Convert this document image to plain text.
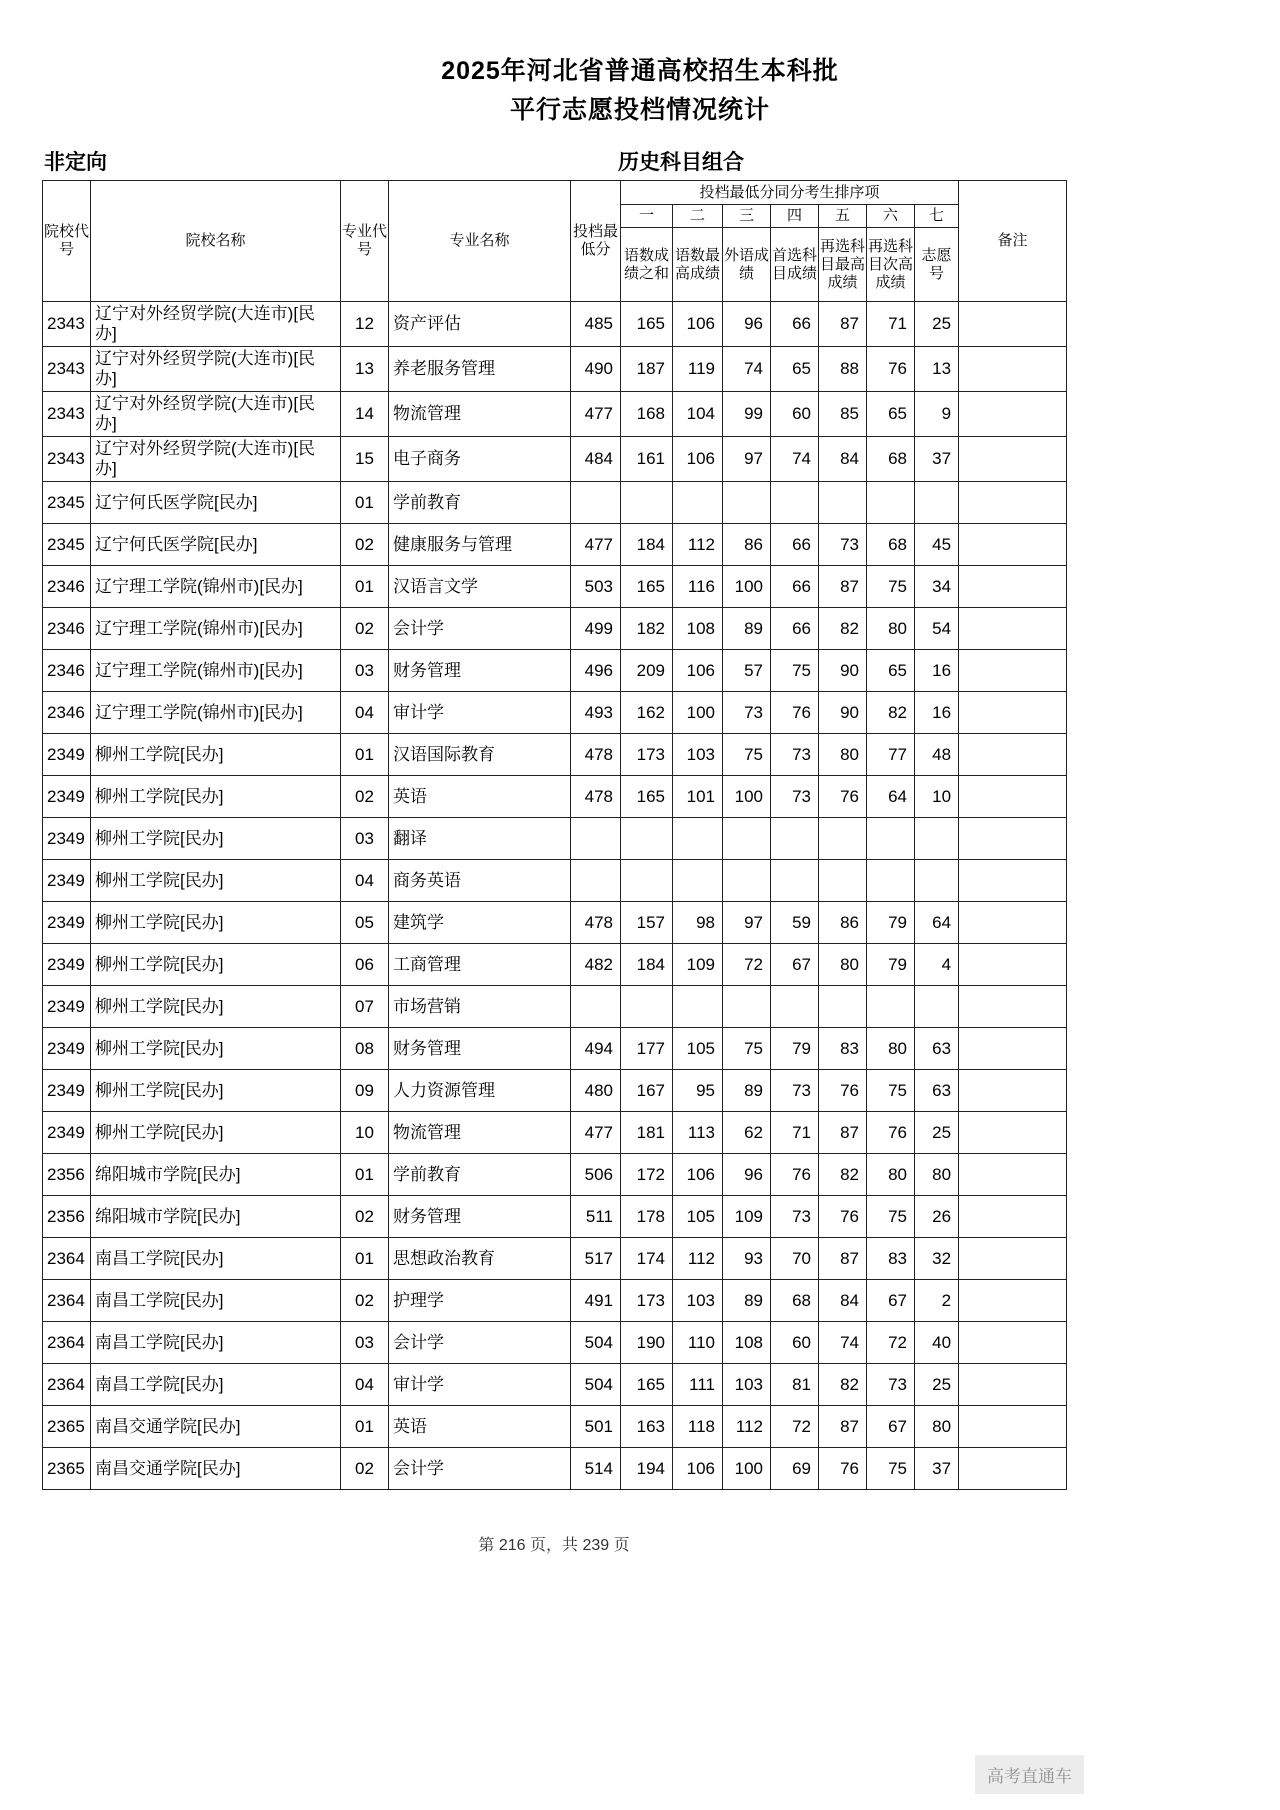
2025年河北省普通高校招生本科批
平行志愿投档情况统计
非定向	历史科目组合
院校代号	院校名称	专业代号	专业名称	投档最低分	投档最低分同分考生排序项							备注
					一	二	三	四	五	六	七	
					语数成绩之和	语数最高成绩	外语成绩	首选科目成绩	再选科目最高成绩	再选科目次高成绩	志愿号	
2343	辽宁对外经贸学院(大连市)[民办]	12	资产评估	485	165	106	96	66	87	71	25	
2343	辽宁对外经贸学院(大连市)[民办]	13	养老服务管理	490	187	119	74	65	88	76	13	
2343	辽宁对外经贸学院(大连市)[民办]	14	物流管理	477	168	104	99	60	85	65	9	
2343	辽宁对外经贸学院(大连市)[民办]	15	电子商务	484	161	106	97	74	84	68	37	
2345	辽宁何氏医学院[民办]	01	学前教育									
2345	辽宁何氏医学院[民办]	02	健康服务与管理	477	184	112	86	66	73	68	45	
2346	辽宁理工学院(锦州市)[民办]	01	汉语言文学	503	165	116	100	66	87	75	34	
2346	辽宁理工学院(锦州市)[民办]	02	会计学	499	182	108	89	66	82	80	54	
2346	辽宁理工学院(锦州市)[民办]	03	财务管理	496	209	106	57	75	90	65	16	
2346	辽宁理工学院(锦州市)[民办]	04	审计学	493	162	100	73	76	90	82	16	
2349	柳州工学院[民办]	01	汉语国际教育	478	173	103	75	73	80	77	48	
2349	柳州工学院[民办]	02	英语	478	165	101	100	73	76	64	10	
2349	柳州工学院[民办]	03	翻译									
2349	柳州工学院[民办]	04	商务英语									
2349	柳州工学院[民办]	05	建筑学	478	157	98	97	59	86	79	64	
2349	柳州工学院[民办]	06	工商管理	482	184	109	72	67	80	79	4	
2349	柳州工学院[民办]	07	市场营销									
2349	柳州工学院[民办]	08	财务管理	494	177	105	75	79	83	80	63	
2349	柳州工学院[民办]	09	人力资源管理	480	167	95	89	73	76	75	63	
2349	柳州工学院[民办]	10	物流管理	477	181	113	62	71	87	76	25	
2356	绵阳城市学院[民办]	01	学前教育	506	172	106	96	76	82	80	80	
2356	绵阳城市学院[民办]	02	财务管理	511	178	105	109	73	76	75	26	
2364	南昌工学院[民办]	01	思想政治教育	517	174	112	93	70	87	83	32	
2364	南昌工学院[民办]	02	护理学	491	173	103	89	68	84	67	2	
2364	南昌工学院[民办]	03	会计学	504	190	110	108	60	74	72	40	
2364	南昌工学院[民办]	04	审计学	504	165	111	103	81	82	73	25	
2365	南昌交通学院[民办]	01	英语	501	163	118	112	72	87	67	80	
2365	南昌交通学院[民办]	02	会计学	514	194	106	100	69	76	75	37	
第 216 页，共 239 页
高考直通车
